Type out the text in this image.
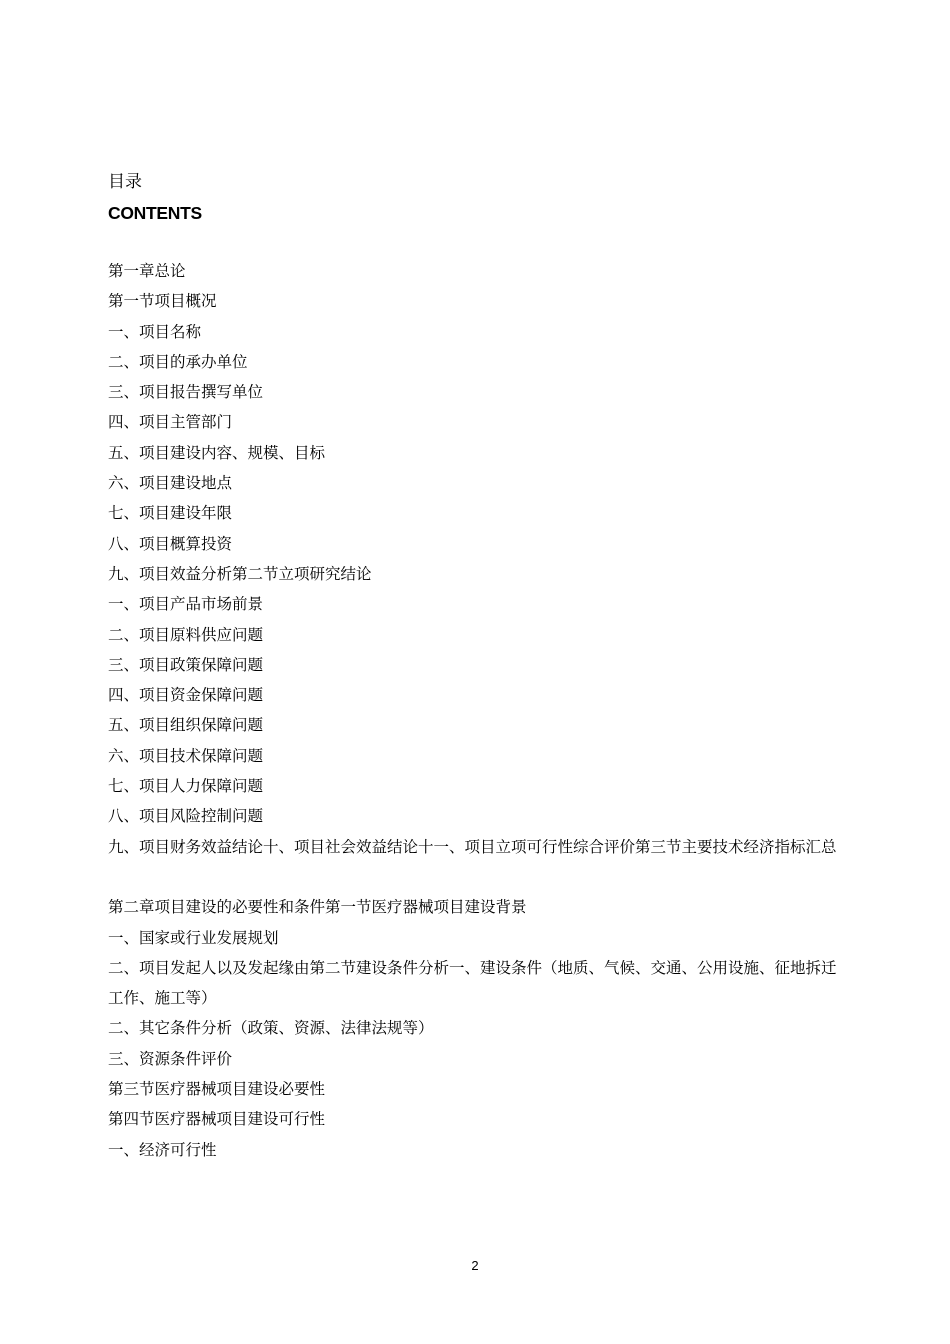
目录
CONTENTS
第一章总论
第一节项目概况
一、项目名称
二、项目的承办单位
三、项目报告撰写单位
四、项目主管部门
五、项目建设内容、规模、目标
六、项目建设地点
七、项目建设年限
八、项目概算投资
九、项目效益分析第二节立项研究结论
一、项目产品市场前景
二、项目原料供应问题
三、项目政策保障问题
四、项目资金保障问题
五、项目组织保障问题
六、项目技术保障问题
七、项目人力保障问题
八、项目风险控制问题
九、项目财务效益结论十、项目社会效益结论十一、项目立项可行性综合评价第三节主要技术经济指标汇总
第二章项目建设的必要性和条件第一节医疗器械项目建设背景
一、国家或行业发展规划
二、项目发起人以及发起缘由第二节建设条件分析一、建设条件（地质、气候、交通、公用设施、征地拆迁工作、施工等）
二、其它条件分析（政策、资源、法律法规等）
三、资源条件评价
第三节医疗器械项目建设必要性
第四节医疗器械项目建设可行性
一、经济可行性
2
